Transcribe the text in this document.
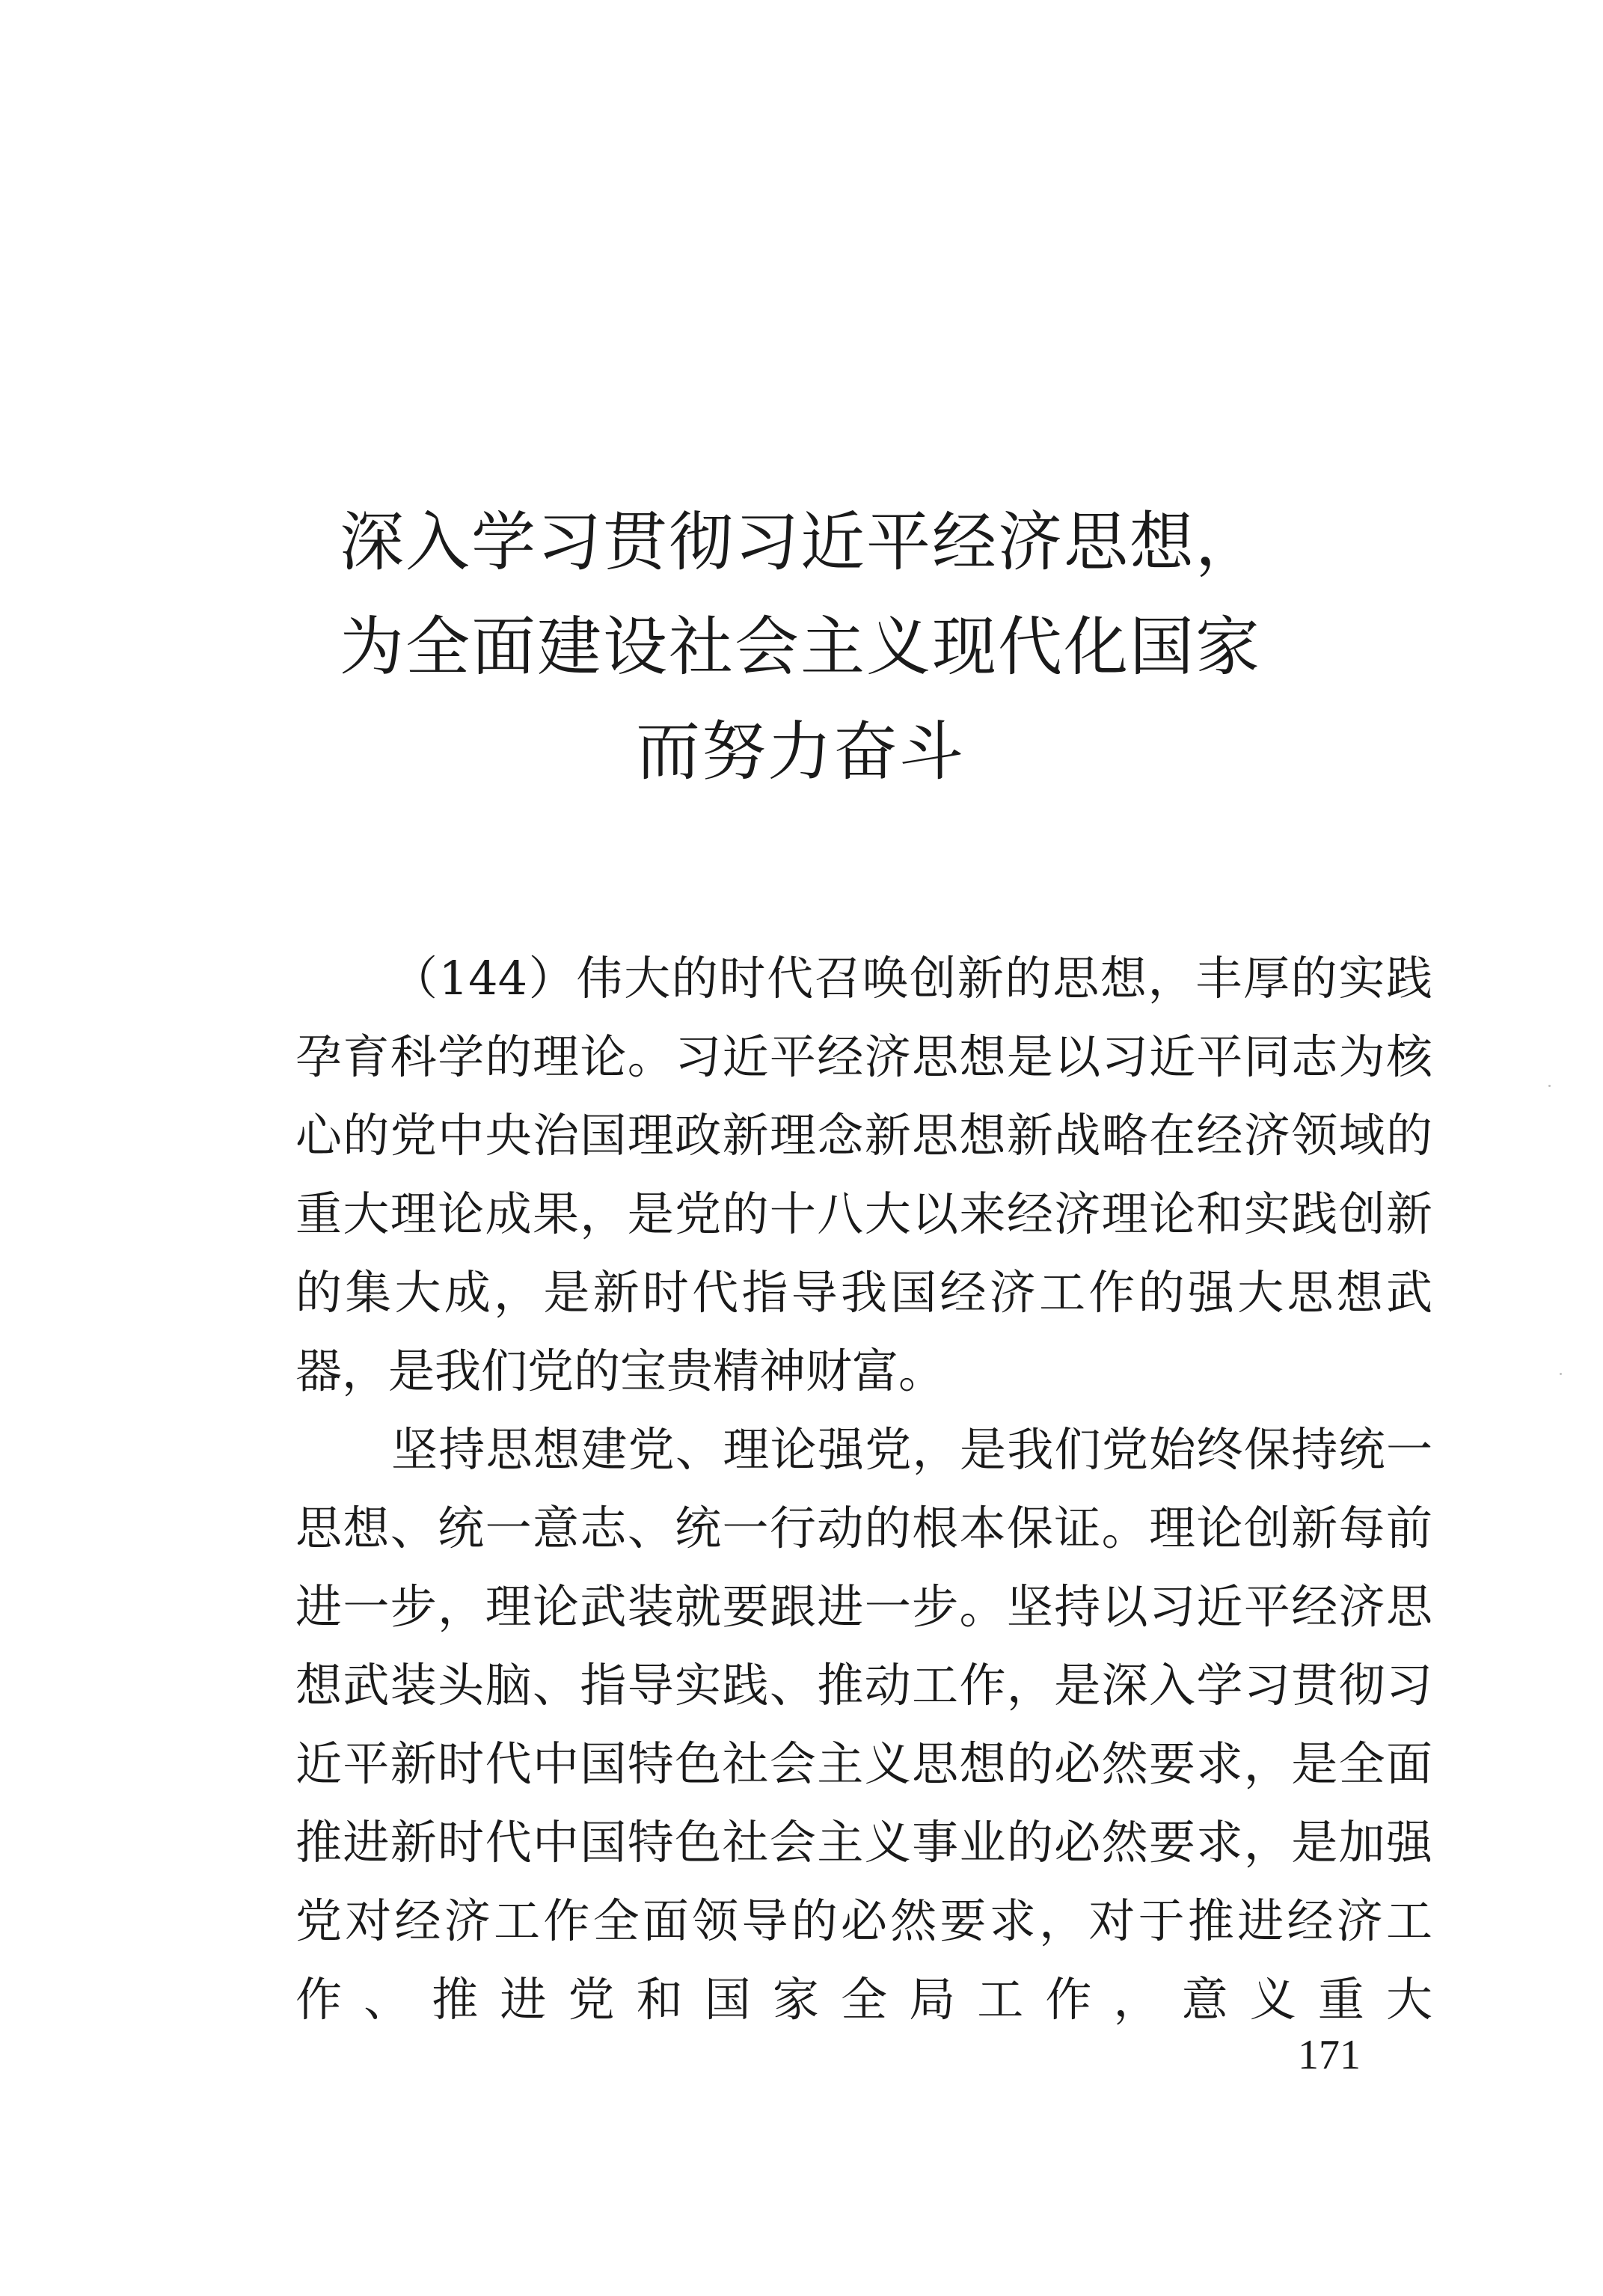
深入学习贯彻习近平经济思想，
为全面建设社会主义现代化国家
而努力奋斗

（144）伟大的时代召唤创新的思想，丰厚的实践孕育科学的理论。习近平经济思想是以习近平同志为核心的党中央治国理政新理念新思想新战略在经济领域的重大理论成果，是党的十八大以来经济理论和实践创新的集大成，是新时代指导我国经济工作的强大思想武器，是我们党的宝贵精神财富。

坚持思想建党、理论强党，是我们党始终保持统一思想、统一意志、统一行动的根本保证。理论创新每前进一步，理论武装就要跟进一步。坚持以习近平经济思想武装头脑、指导实践、推动工作，是深入学习贯彻习近平新时代中国特色社会主义思想的必然要求，是全面推进新时代中国特色社会主义事业的必然要求，是加强党对经济工作全面领导的必然要求，对于推进经济工作、推进党和国家全局工作，意义重大

171
